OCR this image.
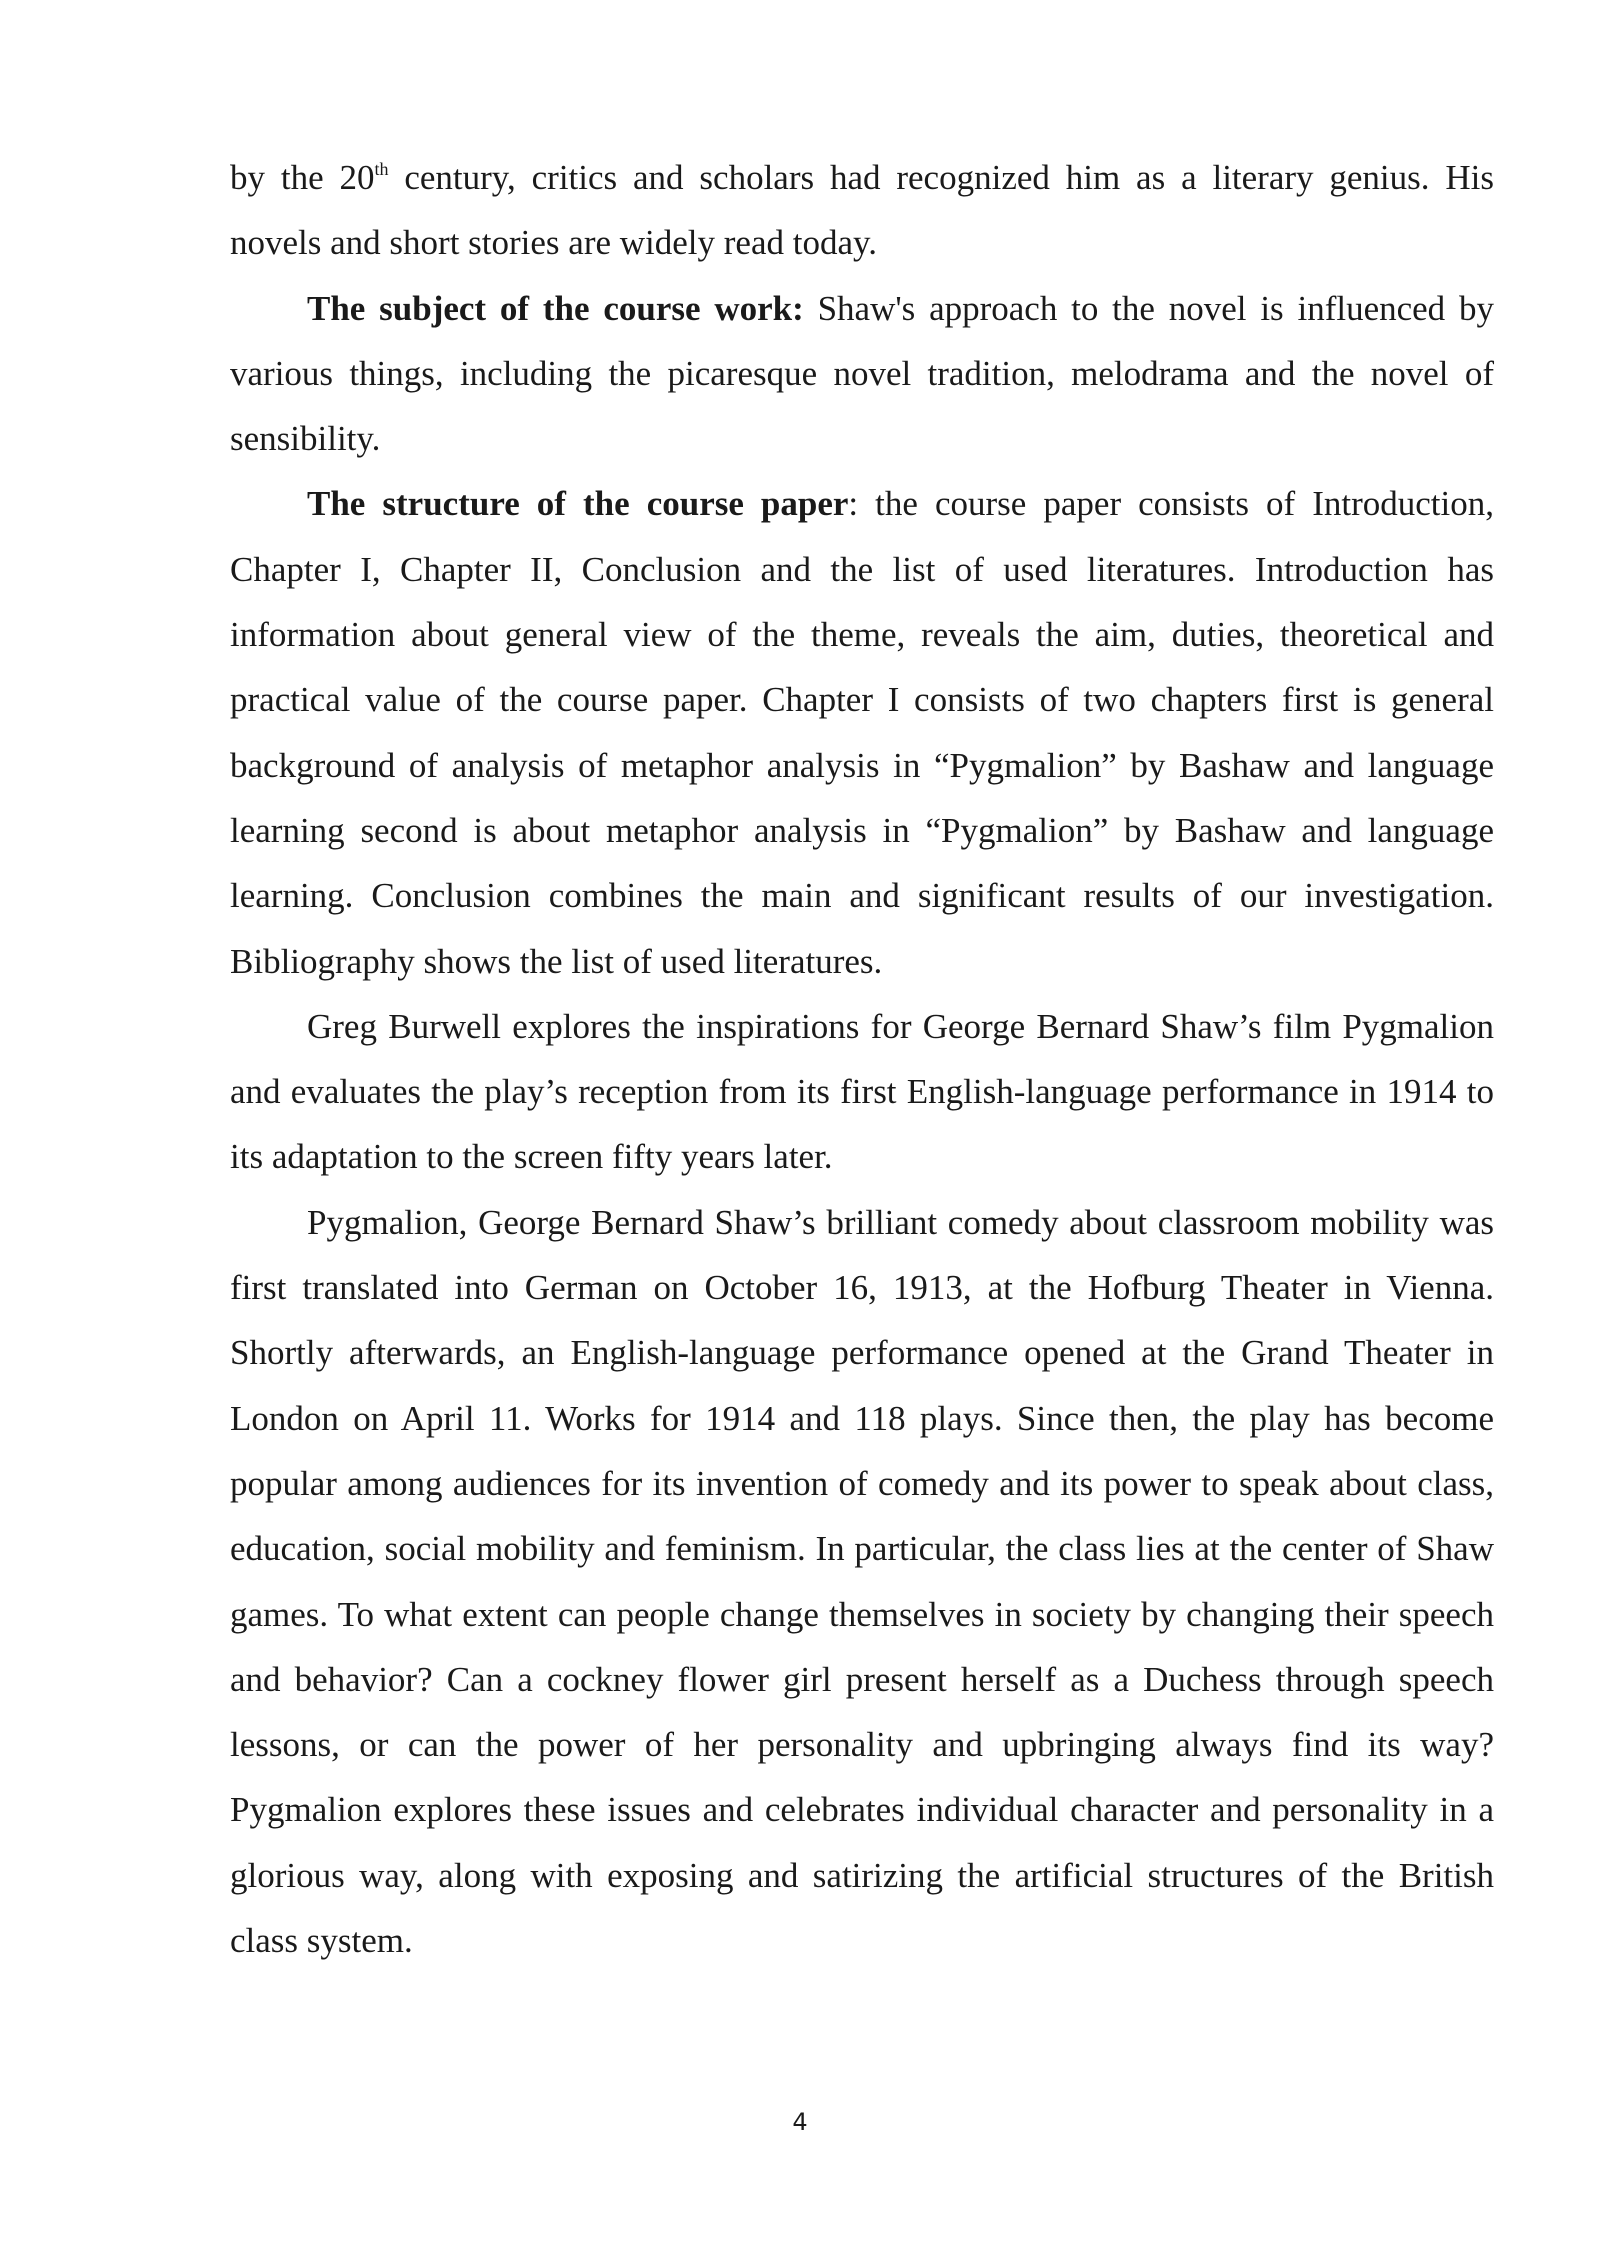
by the 20th century, critics and scholars had recognized him as a literary genius. His novels and short stories are widely read today.

The subject of the course work: Shaw's approach to the novel is influenced by various things, including the picaresque novel tradition, melodrama and the novel of sensibility.

The structure of the course paper: the course paper consists of Introduction, Chapter I, Chapter II, Conclusion and the list of used literatures. Introduction has information about general view of the theme, reveals the aim, duties, theoretical and practical value of the course paper. Chapter I consists of two chapters first is general background of analysis of metaphor analysis in “Pygmalion” by Bashaw and language learning second is about metaphor analysis in “Pygmalion” by Bashaw and language learning. Conclusion combines the main and significant results of our investigation. Bibliography shows the list of used literatures.

Greg Burwell explores the inspirations for George Bernard Shaw’s film Pygmalion and evaluates the play’s reception from its first English-language performance in 1914 to its adaptation to the screen fifty years later.

Pygmalion, George Bernard Shaw’s brilliant comedy about classroom mobility was first translated into German on October 16, 1913, at the Hofburg Theater in Vienna. Shortly afterwards, an English-language performance opened at the Grand Theater in London on April 11. Works for 1914 and 118 plays. Since then, the play has become popular among audiences for its invention of comedy and its power to speak about class, education, social mobility and feminism. In particular, the class lies at the center of Shaw games. To what extent can people change themselves in society by changing their speech and behavior? Can a cockney flower girl present herself as a Duchess through speech lessons, or can the power of her personality and upbringing always find its way? Pygmalion explores these issues and celebrates individual character and personality in a glorious way, along with exposing and satirizing the artificial structures of the British class system.

4
